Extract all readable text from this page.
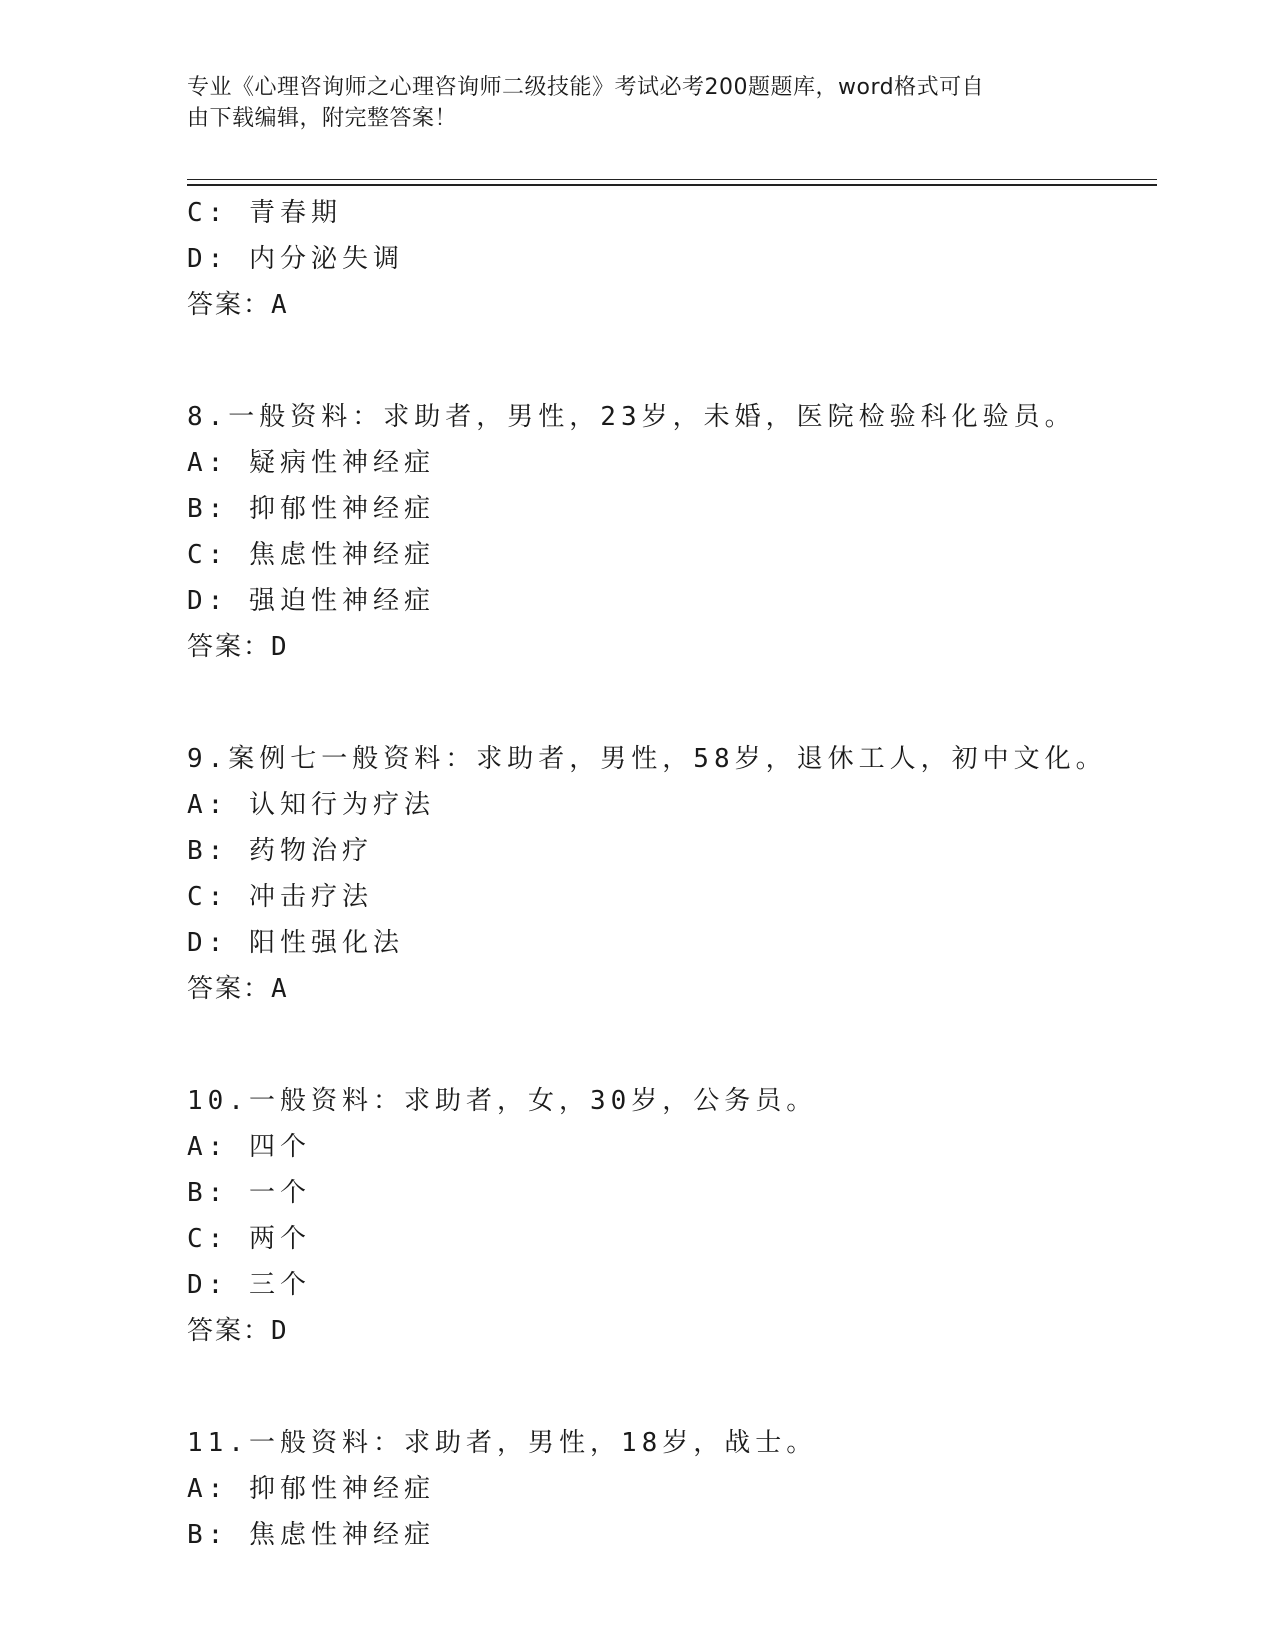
专业《心理咨询师之心理咨询师二级技能》考试必考200题题库，word格式可自
由下载编辑，附完整答案！
C: 青春期
D: 内分泌失调
答案：A
8.一般资料：求助者，男性，23岁，未婚，医院检验科化验员。
A: 疑病性神经症
B: 抑郁性神经症
C: 焦虑性神经症
D: 强迫性神经症
答案：D
9.案例七一般资料：求助者，男性，58岁，退休工人，初中文化。
A: 认知行为疗法
B: 药物治疗
C: 冲击疗法
D: 阳性强化法
答案：A
10.一般资料：求助者，女，30岁，公务员。
A: 四个
B: 一个
C: 两个
D: 三个
答案：D
11.一般资料：求助者，男性，18岁，战士。
A: 抑郁性神经症
B: 焦虑性神经症
